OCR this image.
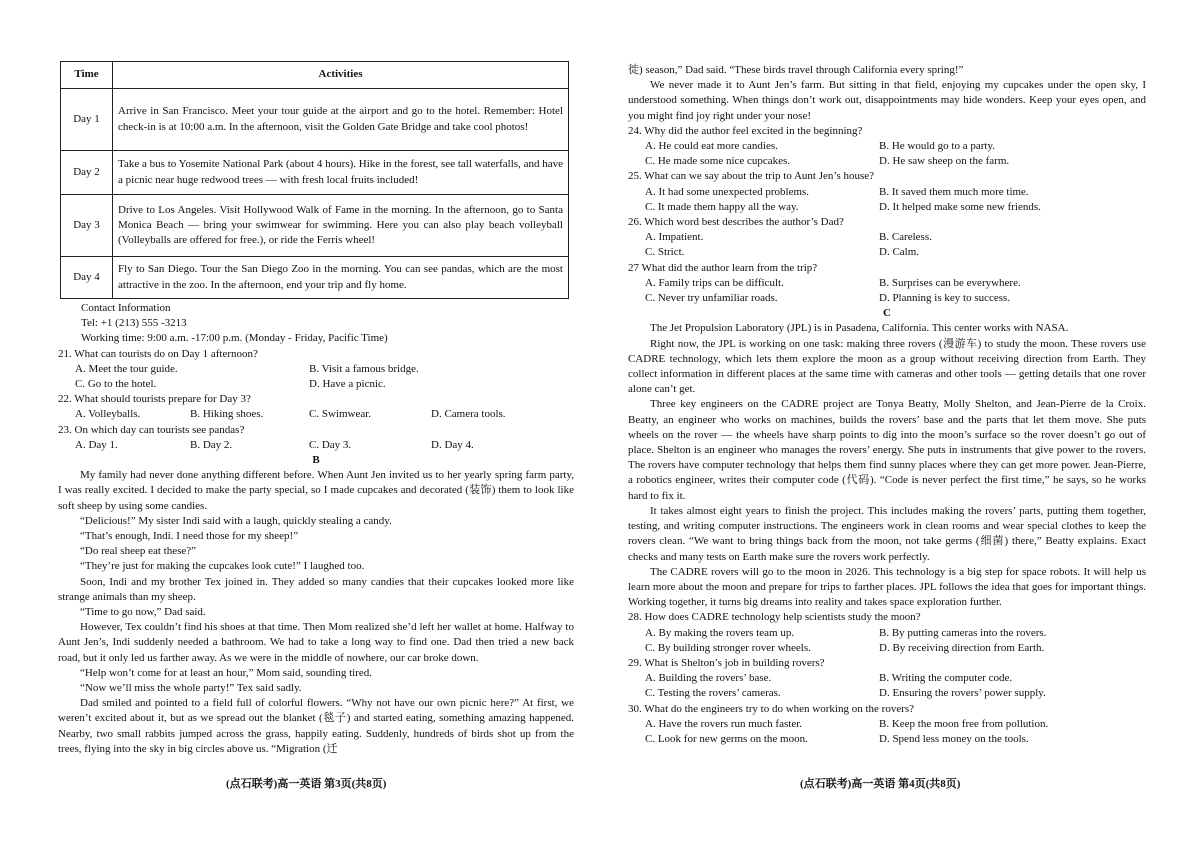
Time	Activities
Day 1	Arrive in San Francisco. Meet your tour guide at the airport and go to the hotel. Remember: Hotel check-in is at 10:00 a.m. In the afternoon, visit the Golden Gate Bridge and take cool photos!
Day 2	Take a bus to Yosemite National Park (about 4 hours). Hike in the forest, see tall waterfalls, and have a picnic near huge redwood trees — with fresh local fruits included!
Day 3	Drive to Los Angeles. Visit Hollywood Walk of Fame in the morning. In the afternoon, go to Santa Monica Beach — bring your swimwear for swimming. Here you can also play beach volleyball (Volleyballs are offered for free.), or ride the Ferris wheel!
Day 4	Fly to San Diego. Tour the San Diego Zoo in the morning. You can see pandas, which are the most attractive in the zoo. In the afternoon, end your trip and fly home.

Contact Information

Tel: +1 (213) 555 -3213

Working time: 9:00 a.m. -17:00 p.m. (Monday - Friday, Pacific Time)

21. What can tourists do on Day 1 afternoon?

A. Meet the tour guide.	B. Visit a famous bridge.
C. Go to the hotel.	D. Have a picnic.

22. What should tourists prepare for Day 3?

A. Volleyballs.	B. Hiking shoes.	C. Swimwear.	D. Camera tools.

23. On which day can tourists see pandas?

A. Day 1.	B. Day 2.	C. Day 3.	D. Day 4.

B

My family had never done anything different before. When Aunt Jen invited us to her yearly spring farm party, I was really excited. I decided to make the party special, so I made cupcakes and decorated (装饰) them to look like soft sheep by using some candies.

“Delicious!” My sister Indi said with a laugh, quickly stealing a candy.

“That’s enough, Indi. I need those for my sheep!”

“Do real sheep eat these?”

“They’re just for making the cupcakes look cute!” I laughed too.

Soon, Indi and my brother Tex joined in. They added so many candies that their cupcakes looked more like strange animals than my sheep.

“Time to go now,” Dad said.

However, Tex couldn’t find his shoes at that time. Then Mom realized she’d left her wallet at home. Halfway to Aunt Jen’s, Indi suddenly needed a bathroom. We had to take a long way to find one. Dad then tried a new back road, but it only led us farther away. As we were in the middle of nowhere, our car broke down.

“Help won’t come for at least an hour,” Mom said, sounding tired.

“Now we’ll miss the whole party!” Tex said sadly.

Dad smiled and pointed to a field full of colorful flowers. “Why not have our own picnic here?” At first, we weren’t excited about it, but as we spread out the blanket (毯子) and started eating, something amazing happened. Nearby, two small rabbits jumped across the grass, happily eating. Suddenly, hundreds of birds shot up from the trees, flying into the sky in big circles above us. “Migration (迁

(点石联考)高一英语 第3页(共8页)

徙) season,” Dad said. “These birds travel through California every spring!”

We never made it to Aunt Jen’s farm. But sitting in that field, enjoying my cupcakes under the open sky, I understood something. When things don’t work out, disappointments may hide wonders. Keep your eyes open, and you might find joy right under your nose!

24. Why did the author feel excited in the beginning?

A. He could eat more candies.	B. He would go to a party.
C. He made some nice cupcakes.	D. He saw sheep on the farm.

25. What can we say about the trip to Aunt Jen’s house?

A. It had some unexpected problems.	B. It saved them much more time.
C. It made them happy all the way.	D. It helped make some new friends.

26. Which word best describes the author’s Dad?

A. Impatient.	B. Careless.
C. Strict.	D. Calm.

27 What did the author learn from the trip?

A. Family trips can be difficult.	B. Surprises can be everywhere.
C. Never try unfamiliar roads.	D. Planning is key to success.

C

The Jet Propulsion Laboratory (JPL) is in Pasadena, California. This center works with NASA.

Right now, the JPL is working on one task: making three rovers (漫游车) to study the moon. These rovers use CADRE technology, which lets them explore the moon as a group without receiving direction from Earth. They collect information in different places at the same time with cameras and other tools — getting details that one rover alone can’t get.

Three key engineers on the CADRE project are Tonya Beatty, Molly Shelton, and Jean-Pierre de la Croix. Beatty, an engineer who works on machines, builds the rovers’ base and the parts that let them move. She puts wheels on the rover — the wheels have sharp points to dig into the moon’s surface so the rover doesn’t go out of place. Shelton is an engineer who manages the rovers’ energy. She puts in instruments that give power to the rovers. The rovers have computer technology that helps them find sunny places where they can get more power. Jean-Pierre, a robotics engineer, writes their computer code (代码). “Code is never perfect the first time,” he says, so he works hard to fix it.

It takes almost eight years to finish the project. This includes making the rovers’ parts, putting them together, testing, and writing computer instructions. The engineers work in clean rooms and wear special clothes to keep the rovers clean. “We want to bring things back from the moon, not take germs (细菌) there,” Beatty explains. Exact checks and many tests on Earth make sure the rovers work perfectly.

The CADRE rovers will go to the moon in 2026. This technology is a big step for space robots. It will help us learn more about the moon and prepare for trips to farther places. JPL follows the idea that goes for important things. Working together, it turns big dreams into reality and takes space exploration further.

28. How does CADRE technology help scientists study the moon?

A. By making the rovers team up.	B. By putting cameras into the rovers.
C. By building stronger rover wheels.	D. By receiving direction from Earth.

29. What is Shelton’s job in building rovers?

A. Building the rovers’ base.	B. Writing the computer code.
C. Testing the rovers’ cameras.	D. Ensuring the rovers’ power supply.

30. What do the engineers try to do when working on the rovers?

A. Have the rovers run much faster.	B. Keep the moon free from pollution.
C. Look for new germs on the moon.	D. Spend less money on the tools.
(点石联考)高一英语 第4页(共8页)
